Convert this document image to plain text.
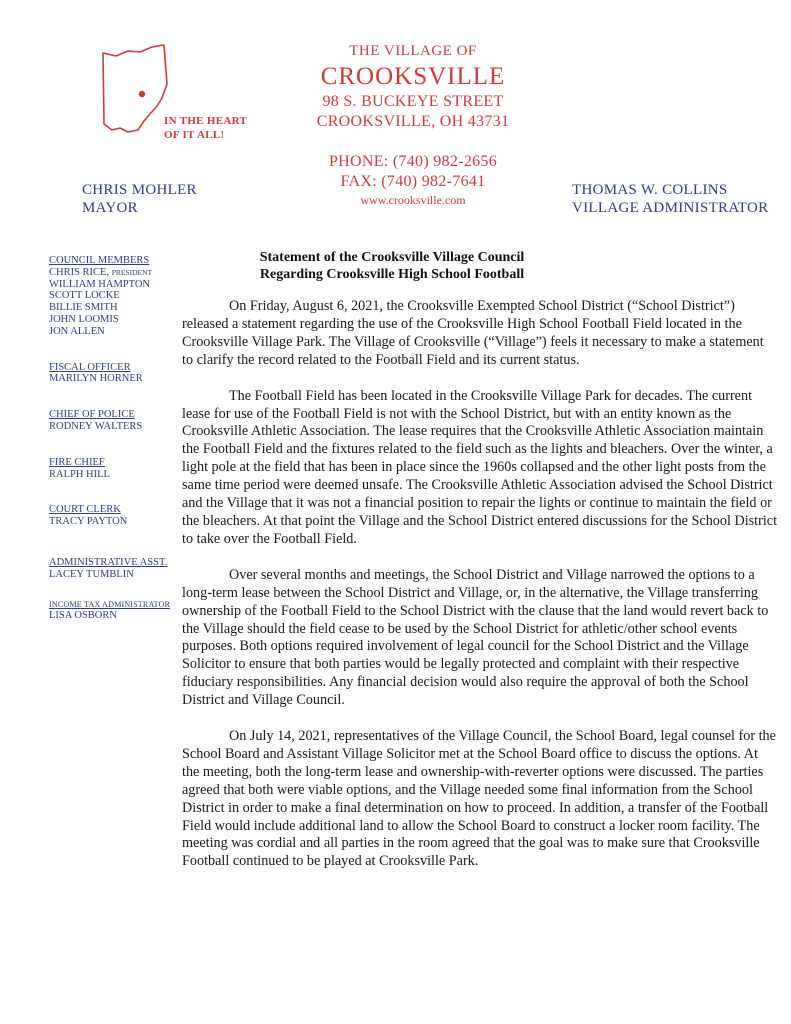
IN THE HEART
OF IT ALL!
THE VILLAGE OF
CROOKSVILLE
98 S. BUCKEYE STREET
CROOKSVILLE, OH 43731
PHONE: (740) 982-2656
FAX: (740) 982-7641
www.crooksville.com
CHRIS MOHLER
MAYOR
THOMAS W. COLLINS
VILLAGE ADMINISTRATOR
COUNCIL MEMBERS
CHRIS RICE, PRESIDENT
WILLIAM HAMPTON
SCOTT LOCKE
BILLIE SMITH
JOHN LOOMIS
JON ALLEN
FISCAL OFFICER
MARILYN HORNER
CHIEF OF POLICE
RODNEY WALTERS
FIRE CHIEF
RALPH HILL
COURT CLERK
TRACY PAYTON
ADMINISTRATIVE ASST.
LACEY TUMBLIN
INCOME TAX ADMINISTRATOR
LISA OSBORN
Statement of the Crooksville Village Council
Regarding Crooksville High School Football

On Friday, August 6, 2021, the Crooksville Exempted School District (“School District”) released a statement regarding the use of the Crooksville High School Football Field located in the Crooksville Village Park. The Village of Crooksville (“Village”) feels it necessary to make a statement to clarify the record related to the Football Field and its current status.

The Football Field has been located in the Crooksville Village Park for decades. The current lease for use of the Football Field is not with the School District, but with an entity known as the Crooksville Athletic Association. The lease requires that the Crooksville Athletic Association maintain the Football Field and the fixtures related to the field such as the lights and bleachers. Over the winter, a light pole at the field that has been in place since the 1960s collapsed and the other light posts from the same time period were deemed unsafe. The Crooksville Athletic Association advised the School District and the Village that it was not a financial position to repair the lights or continue to maintain the field or the bleachers. At that point the Village and the School District entered discussions for the School District to take over the Football Field.

Over several months and meetings, the School District and Village narrowed the options to a long-term lease between the School District and Village, or, in the alternative, the Village transferring ownership of the Football Field to the School District with the clause that the land would revert back to the Village should the field cease to be used by the School District for athletic/other school events purposes. Both options required involvement of legal council for the School District and the Village Solicitor to ensure that both parties would be legally protected and complaint with their respective fiduciary responsibilities. Any financial decision would also require the approval of both the School District and Village Council.

On July 14, 2021, representatives of the Village Council, the School Board, legal counsel for the School Board and Assistant Village Solicitor met at the School Board office to discuss the options. At the meeting, both the long-term lease and ownership-with-reverter options were discussed. The parties agreed that both were viable options, and the Village needed some final information from the School District in order to make a final determination on how to proceed. In addition, a transfer of the Football Field would include additional land to allow the School Board to construct a locker room facility. The meeting was cordial and all parties in the room agreed that the goal was to make sure that Crooksville Football continued to be played at Crooksville Park.
